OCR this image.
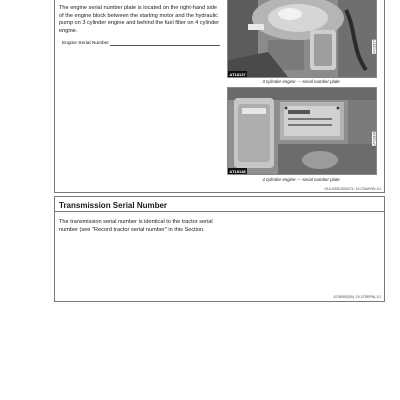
The engine serial number plate is located on the right-hand side of the engine block between the starting motor and the hydraulic pump on 3 cylinder engine and behind the fuel filter on 4 cylinder engine.
Engine Serial Number
AT18137
AT18137
3 cylinder engine — serial number plate
AT18138
AT18138
4 cylinder engine — serial number plate
OULX005,0000274 -19-07MAY99-1/1
Transmission Serial Number
The transmission serial number is identical to the tractor serial number (see "Record tractor serial number" in this Section.
AT,5509E(09) -19-27SEP96-1/1
